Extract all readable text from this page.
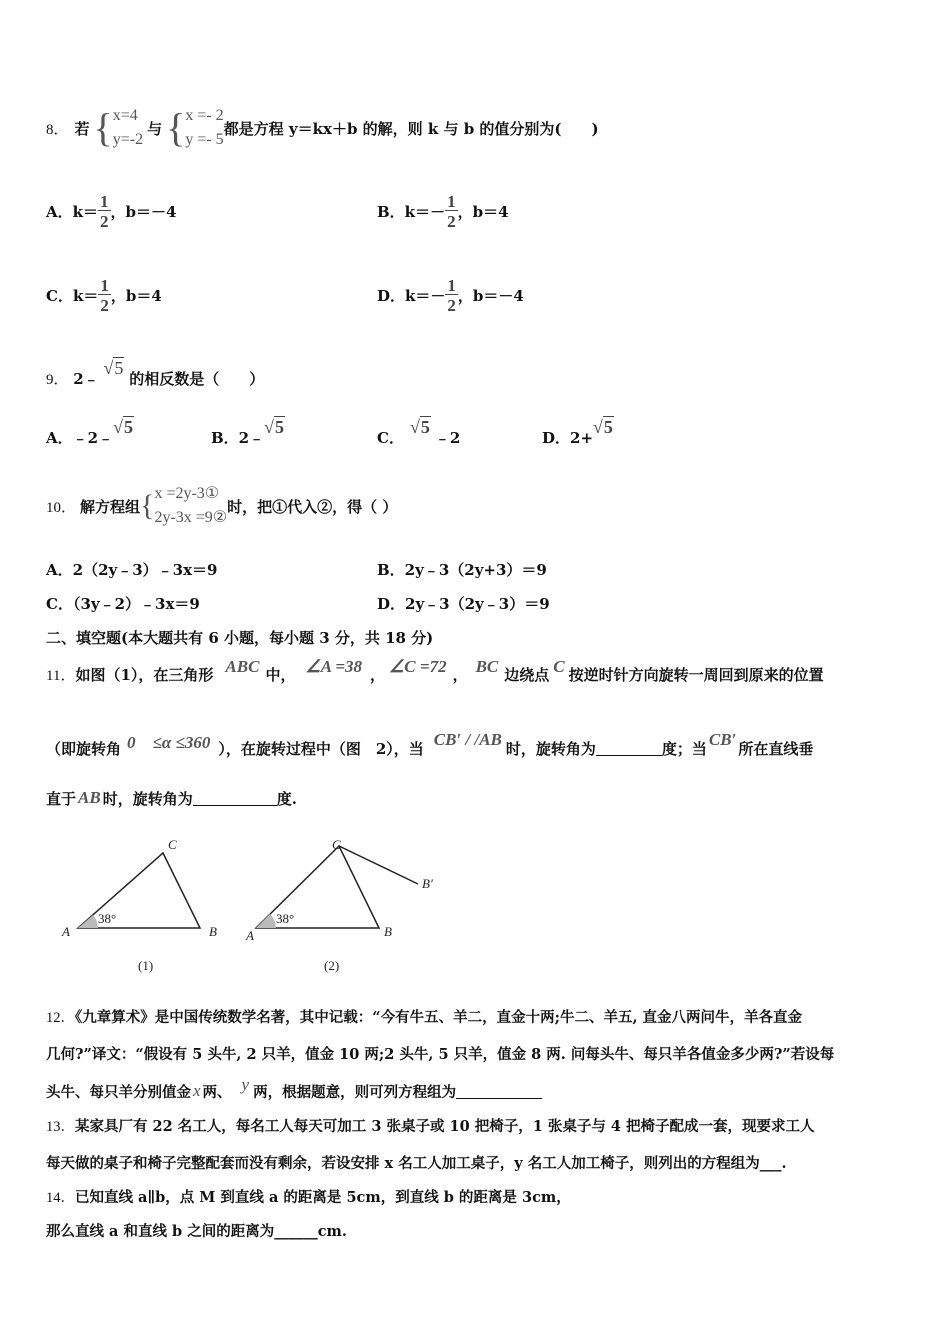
8． 若 { x=4
y=-2
与 { x =- 2
y =- 5
都是方程 y＝kx＋b 的解，则 k 与 b 的值分别为(　　)
A．$k= \frac{1}{2}$ ，b＝－4	B．$k=- \frac{1}{2}$ ，b＝4
C．$k= \frac{1}{2}$ ，b＝4	D．$k=- \frac{1}{2}$ ，b＝－4
9． 2﹣ √5 的相反数是（　　）
A．﹣2﹣√5
B．2﹣√5
C．√5﹣2	D．2+√5
10． 解方程组 { x =2y-3①
2y-3x =9②
时，把①代入②，得（ ）
A．2（2y﹣3）﹣3x＝9	B．2y﹣3（2y+3）＝9
C．（3y﹣2）﹣3x＝9	D．2y﹣3（2y﹣3）＝9
二、填空题(本大题共有 6 小题，每小题 3 分，共 18 分)
11． 如图（1），在三角形 ABC 中， ∠A =38 ， ∠C =72 ， BC 边绕点 C 按逆时针方向旋转一周回到原来的位置
（即旋转角 0　≤α ≤360 ），在旋转过程中（图　2），当 CB′ / /AB 时，旋转角为	度；当 CB′ 所在直线垂
直于 AB 时，旋转角为	度.
38°
A	B
C
(1)
38°
A	B
C
B′
(2)
12．《九章算术》是中国传统数学名著，其中记载：“今有牛五、羊二，直金十两;牛二、羊五, 直金八两问牛，羊各直金
几何?”译文：“假设有 5 头牛, 2 只羊，值金 10 两;2 头牛, 5 只羊，值金 8 两. 问每头牛、每只羊各值金多少两?”若设每
头牛、每只羊分别值金 x 两、 y 两，根据题意，则可列方程组为
13．某家具厂有 22 名工人，每名工人每天可加工 3 张桌子或 10 把椅子，1 张桌子与 4 把椅子配成一套，现要求工人
每天做的桌子和椅子完整配套而没有剩余，若设安排 x 名工人加工桌子，y 名工人加工椅子，则列出的方程组为___.
14．已知直线 a∥b，点 M 到直线 a 的距离是 5cm，到直线 b 的距离是 3cm，
那么直线 a 和直线 b 之间的距离为______cm.
